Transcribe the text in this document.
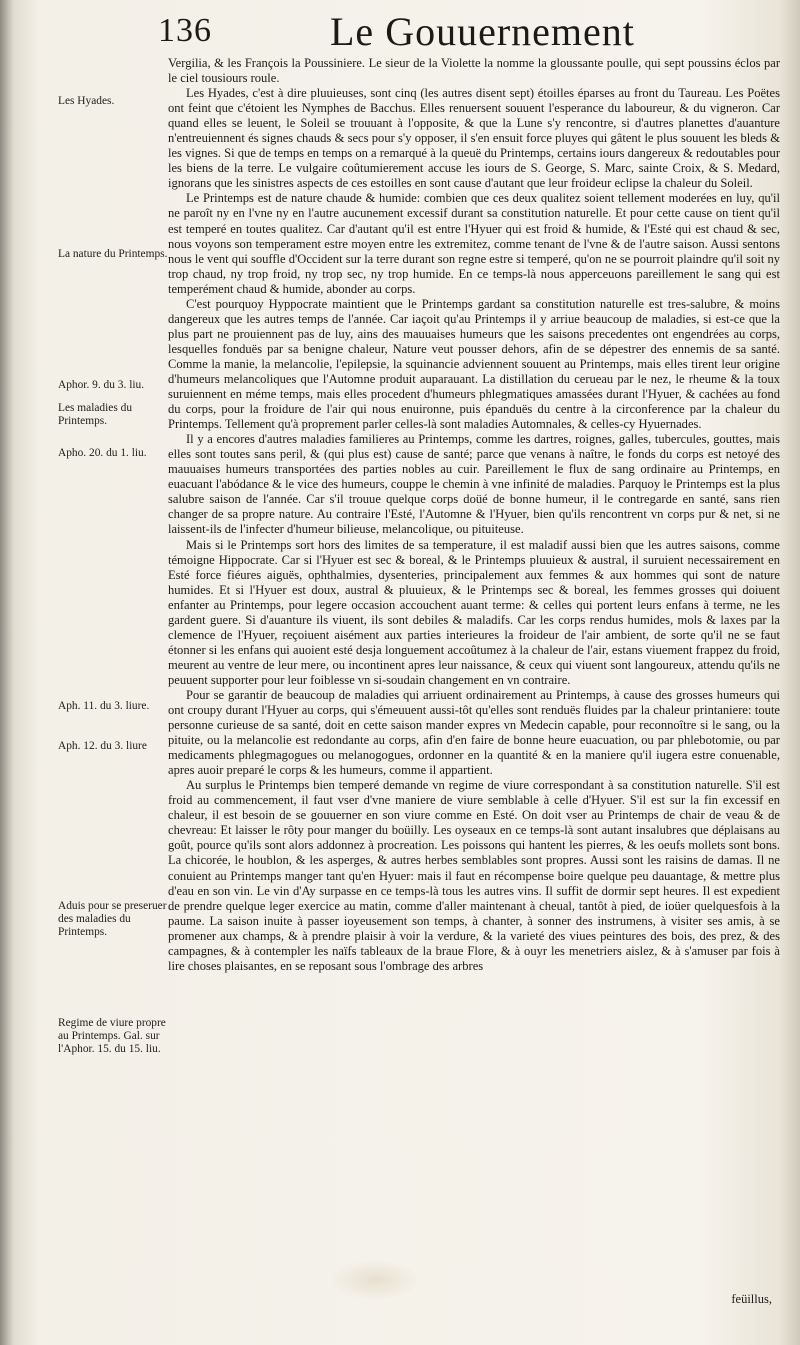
136	Le Gouuernement
Les Hyades.
La nature du Printemps.
Aphor. 9. du 3. liu.
Les maladies du Printemps.
Apho. 20. du 1. liu.
Aph. 11. du 3. liure.
Aph. 12. du 3. liure
Aduis pour se preseruer des maladies du Printemps.
Regime de viure propre au Printemps. Gal. sur l'Aphor. 15. du 15. liu.

Vergilia, & les François la Poussiniere. Le sieur de la Violette la nomme la gloussante poulle, qui sept poussins éclos par le ciel tousiours roule.

Les Hyades, c'est à dire pluuieuses, sont cinq (les autres disent sept) étoilles éparses au front du Taureau. Les Poëtes ont feint que c'étoient les Nymphes de Bacchus. Elles renuersent souuent l'esperance du laboureur, & du vigneron. Car quand elles se leuent, le Soleil se trouuant à l'opposite, & que la Lune s'y rencontre, si d'autres planettes d'auanture n'entreuiennent és signes chauds & secs pour s'y opposer, il s'en ensuit force pluyes qui gâtent le plus souuent les bleds & les vignes. Si que de temps en temps on a remarqué à la queuë du Printemps, certains iours dangereux & redoutables pour les biens de la terre. Le vulgaire coûtumierement accuse les iours de S. George, S. Marc, sainte Croix, & S. Medard, ignorans que les sinistres aspects de ces estoilles en sont cause d'autant que leur froideur eclipse la chaleur du Soleil.

Le Printemps est de nature chaude & humide: combien que ces deux qualitez soient tellement moderées en luy, qu'il ne paroît ny en l'vne ny en l'autre aucunement excessif durant sa constitution naturelle. Et pour cette cause on tient qu'il est temperé en toutes qualitez. Car d'autant qu'il est entre l'Hyuer qui est froid & humide, & l'Esté qui est chaud & sec, nous voyons son temperament estre moyen entre les extremitez, comme tenant de l'vne & de l'autre saison. Aussi sentons nous le vent qui souffle d'Occident sur la terre durant son regne estre si temperé, qu'on ne se pourroit plaindre qu'il soit ny trop chaud, ny trop froid, ny trop sec, ny trop humide. En ce temps-là nous apperceuons pareillement le sang qui est temperément chaud & humide, abonder au corps.

C'est pourquoy Hyppocrate maintient que le Printemps gardant sa constitution naturelle est tres-salubre, & moins dangereux que les autres temps de l'année. Car iaçoit qu'au Printemps il y arriue beaucoup de maladies, si est-ce que la plus part ne prouiennent pas de luy, ains des mauuaises humeurs que les saisons precedentes ont engendrées au corps, lesquelles fonduës par sa benigne chaleur, Nature veut pousser dehors, afin de se dépestrer des ennemis de sa santé. Comme la manie, la melancolie, l'epilepsie, la squinancie adviennent souuent au Printemps, mais elles tirent leur origine d'humeurs melancoliques que l'Automne produit auparauant. La distillation du cerueau par le nez, le rheume & la toux suruiennent en méme temps, mais elles procedent d'humeurs phlegmatiques amassées durant l'Hyuer, & cachées au fond du corps, pour la froidure de l'air qui nous enuironne, puis épanduës du centre à la circonference par la chaleur du Printemps. Tellement qu'à proprement parler celles-là sont maladies Automnales, & celles-cy Hyuernades.

Il y a encores d'autres maladies familieres au Printemps, comme les dartres, roignes, galles, tubercules, gouttes, mais elles sont toutes sans peril, & (qui plus est) cause de santé; parce que venans à naître, le fonds du corps est netoyé des mauuaises humeurs transportées des parties nobles au cuir. Pareillement le flux de sang ordinaire au Printemps, en euacuant l'abódance & le vice des humeurs, couppe le chemin à vne infinité de maladies. Parquoy le Printemps est la plus salubre saison de l'année. Car s'il trouue quelque corps doüé de bonne humeur, il le contregarde en santé, sans rien changer de sa propre nature. Au contraire l'Esté, l'Automne & l'Hyuer, bien qu'ils rencontrent vn corps pur & net, si ne laissent-ils de l'infecter d'humeur bilieuse, melancolique, ou pituiteuse.

Mais si le Printemps sort hors des limites de sa temperature, il est maladif aussi bien que les autres saisons, comme témoigne Hippocrate. Car si l'Hyuer est sec & boreal, & le Printemps pluuieux & austral, il suruient necessairement en Esté force fiéures aiguës, ophthalmies, dysenteries, principalement aux femmes & aux hommes qui sont de nature humides. Et si l'Hyuer est doux, austral & pluuieux, & le Printemps sec & boreal, les femmes grosses qui doiuent enfanter au Printemps, pour legere occasion accouchent auant terme: & celles qui portent leurs enfans à terme, ne les gardent guere. Si d'auanture ils viuent, ils sont debiles & maladifs. Car les corps rendus humides, mols & laxes par la clemence de l'Hyuer, reçoiuent aisément aux parties interieures la froideur de l'air ambient, de sorte qu'il ne se faut étonner si les enfans qui auoient esté desja longuement accoûtumez à la chaleur de l'air, estans viuement frappez du froid, meurent au ventre de leur mere, ou incontinent apres leur naissance, & ceux qui viuent sont langoureux, attendu qu'ils ne peuuent supporter pour leur foiblesse vn si-soudain changement en vn contraire.

Pour se garantir de beaucoup de maladies qui arriuent ordinairement au Printemps, à cause des grosses humeurs qui ont croupy durant l'Hyuer au corps, qui s'émeuuent aussi-tôt qu'elles sont renduës fluides par la chaleur printaniere: toute personne curieuse de sa santé, doit en cette saison mander expres vn Medecin capable, pour reconnoître si le sang, ou la pituite, ou la melancolie est redondante au corps, afin d'en faire de bonne heure euacuation, ou par phlebotomie, ou par medicaments phlegmagogues ou melanogogues, ordonner en la quantité & en la maniere qu'il iugera estre conuenable, apres auoir preparé le corps & les humeurs, comme il appartient.

Au surplus le Printemps bien temperé demande vn regime de viure correspondant à sa constitution naturelle. S'il est froid au commencement, il faut vser d'vne maniere de viure semblable à celle d'Hyuer. S'il est sur la fin excessif en chaleur, il est besoin de se gouuerner en son viure comme en Esté. On doit vser au Printemps de chair de veau & de chevreau: Et laisser le rôty pour manger du boüilly. Les oyseaux en ce temps-là sont autant insalubres que déplaisans au goût, pource qu'ils sont alors addonnez à procreation. Les poissons qui hantent les pierres, & les oeufs mollets sont bons. La chicorée, le houblon, & les asperges, & autres herbes semblables sont propres. Aussi sont les raisins de damas. Il ne conuient au Printemps manger tant qu'en Hyuer: mais il faut en récompense boire quelque peu dauantage, & mettre plus d'eau en son vin. Le vin d'Ay surpasse en ce temps-là tous les autres vins. Il suffit de dormir sept heures. Il est expedient de prendre quelque leger exercice au matin, comme d'aller maintenant à cheual, tantôt à pied, de ioüer quelquesfois à la paume. La saison inuite à passer ioyeusement son temps, à chanter, à sonner des instrumens, à visiter ses amis, à se promener aux champs, & à prendre plaisir à voir la verdure, & la varieté des viues peintures des bois, des prez, & des campagnes, & à contempler les naïfs tableaux de la braue Flore, & à ouyr les menetriers aislez, & à s'amuser par fois à lire choses plaisantes, en se reposant sous l'ombrage des arbres

feüillus,
